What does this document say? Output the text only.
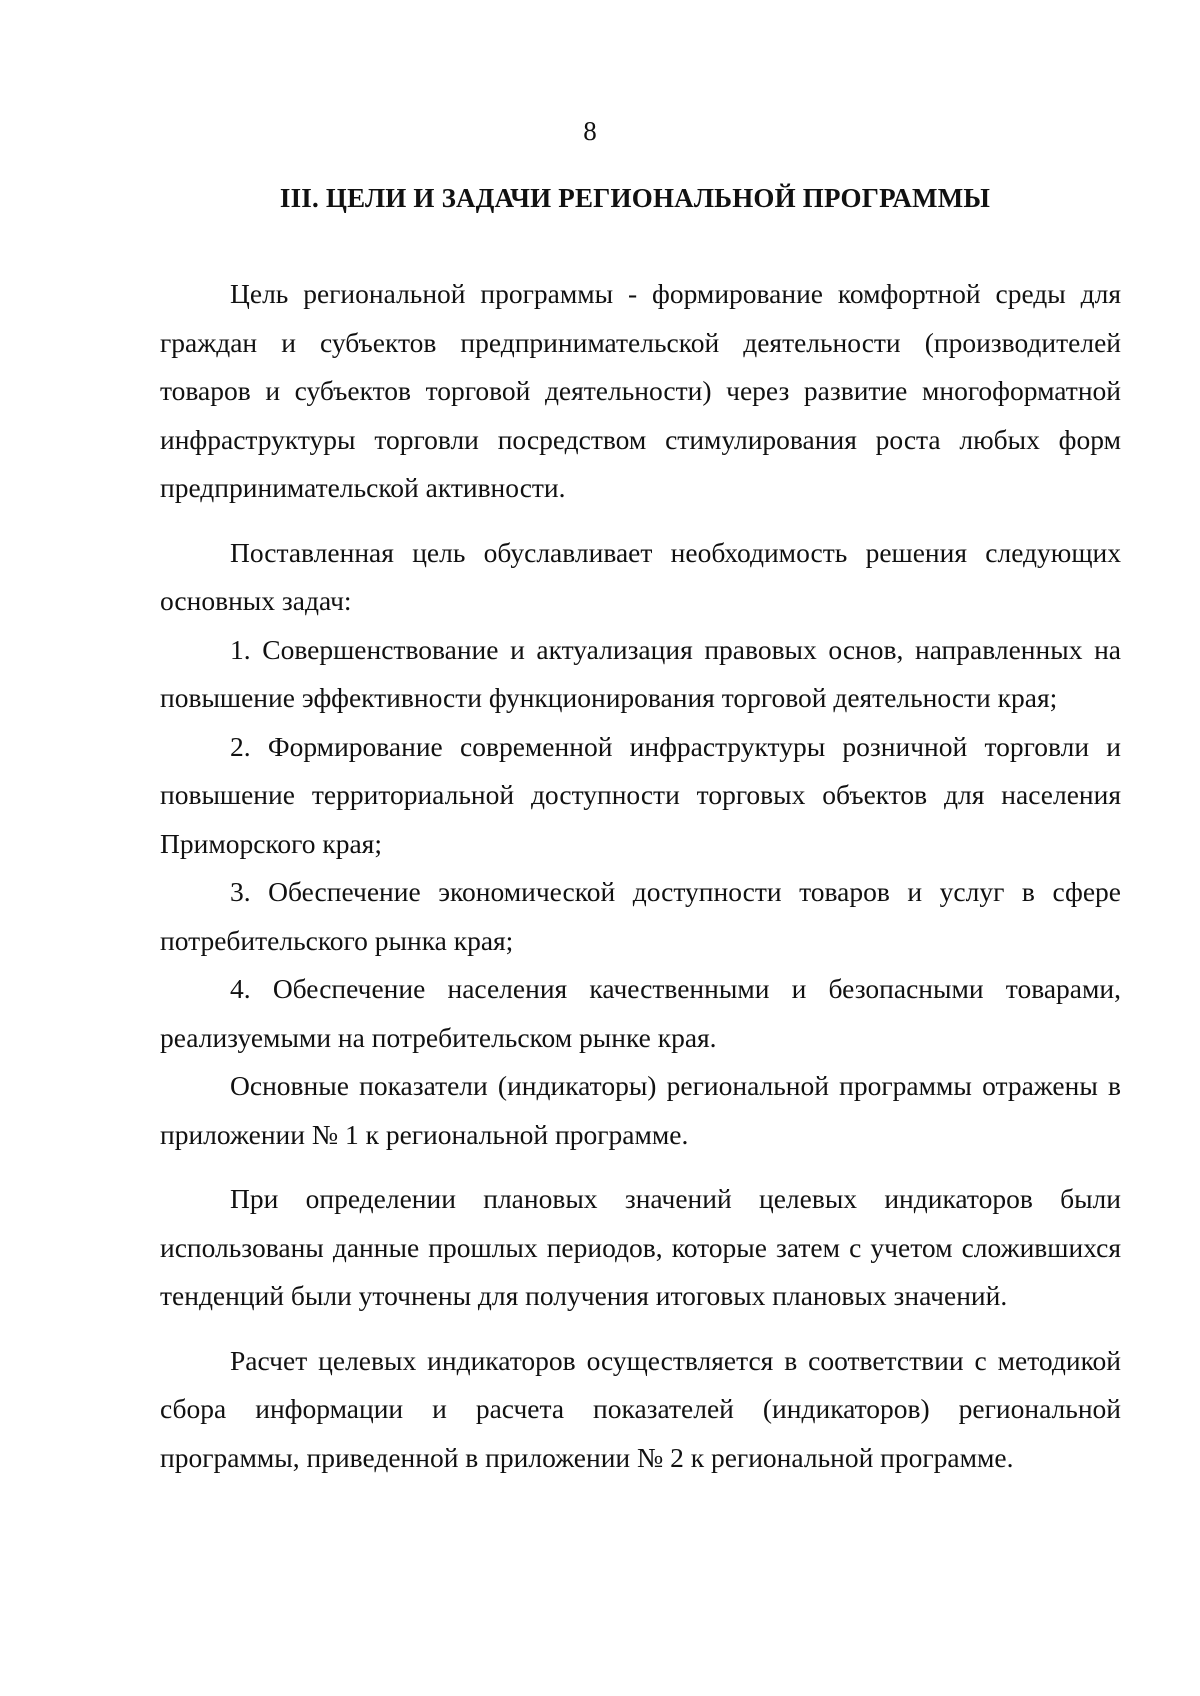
8
III. ЦЕЛИ И ЗАДАЧИ РЕГИОНАЛЬНОЙ ПРОГРАММЫ

Цель региональной программы - формирование комфортной среды для граждан и субъектов предпринимательской деятельности (производителей товаров и субъектов торговой деятельности) через развитие многоформатной инфраструктуры торговли посредством стимулирования роста любых форм предпринимательской активности.

Поставленная цель обуславливает необходимость решения следующих основных задач:

1. Совершенствование и актуализация правовых основ, направленных на повышение эффективности функционирования торговой деятельности края;

2. Формирование современной инфраструктуры розничной торговли и повышение территориальной доступности торговых объектов для населения Приморского края;

3. Обеспечение экономической доступности товаров и услуг в сфере потребительского рынка края;

4. Обеспечение населения качественными и безопасными товарами, реализуемыми на потребительском рынке края.

Основные показатели (индикаторы) региональной программы отражены в приложении № 1 к региональной программе.

При определении плановых значений целевых индикаторов были использованы данные прошлых периодов, которые затем с учетом сложившихся тенденций были уточнены для получения итоговых плановых значений.

Расчет целевых индикаторов осуществляется в соответствии с методикой сбора информации и расчета показателей (индикаторов) региональной программы, приведенной в приложении № 2 к региональной программе.
